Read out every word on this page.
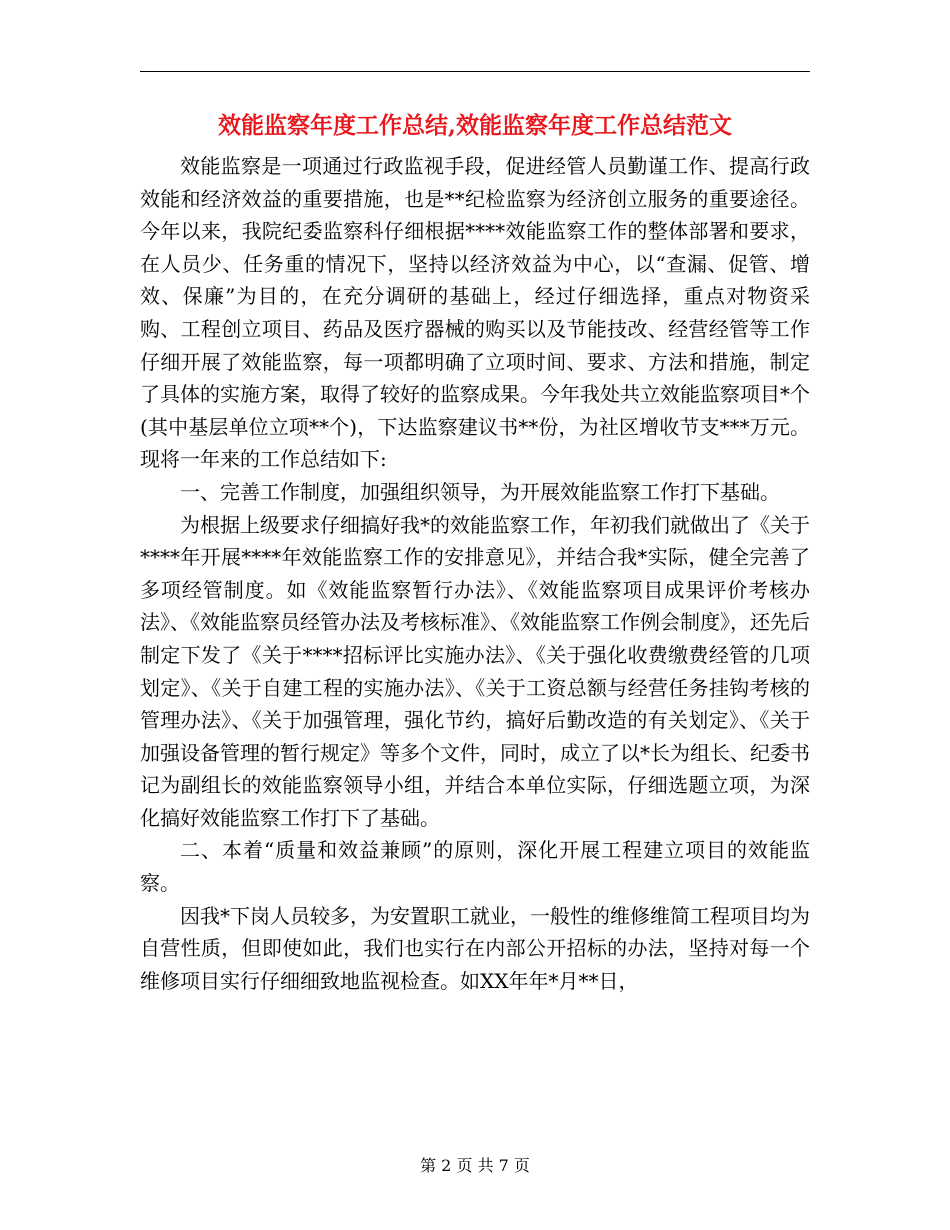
效能监察年度工作总结,效能监察年度工作总结范文

效能监察是一项通过行政监视手段，促进经管人员勤谨工作、提高行政效能和经济效益的重要措施，也是**纪检监察为经济创立服务的重要途径。今年以来，我院纪委监察科仔细根据****效能监察工作的整体部署和要求，在人员少、任务重的情况下，坚持以经济效益为中心，以“查漏、促管、增效、保廉”为目的，在充分调研的基础上，经过仔细选择，重点对物资采购、工程创立项目、药品及医疗器械的购买以及节能技改、经营经管等工作仔细开展了效能监察，每一项都明确了立项时间、要求、方法和措施，制定了具体的实施方案，取得了较好的监察成果。今年我处共立效能监察项目*个(其中基层单位立项**个)，下达监察建议书**份，为社区增收节支***万元。现将一年来的工作总结如下:

一、完善工作制度，加强组织领导，为开展效能监察工作打下基础。

为根据上级要求仔细搞好我*的效能监察工作，年初我们就做出了《关于****年开展****年效能监察工作的安排意见》，并结合我*实际，健全完善了多项经管制度。如《效能监察暂行办法》、《效能监察项目成果评价考核办法》、《效能监察员经管办法及考核标准》、《效能监察工作例会制度》，还先后制定下发了《关于****招标评比实施办法》、《关于强化收费缴费经管的几项划定》、《关于自建工程的实施办法》、《关于工资总额与经营任务挂钩考核的管理办法》、《关于加强管理，强化节约，搞好后勤改造的有关划定》、《关于加强设备管理的暂行规定》等多个文件，同时，成立了以*长为组长、纪委书记为副组长的效能监察领导小组，并结合本单位实际，仔细选题立项，为深化搞好效能监察工作打下了基础。

二、本着“质量和效益兼顾”的原则，深化开展工程建立项目的效能监察。

因我*下岗人员较多，为安置职工就业，一般性的维修维简工程项目均为自营性质，但即使如此，我们也实行在内部公开招标的办法，坚持对每一个维修项目实行仔细细致地监视检查。如XX年年*月**日，

第 2 页 共 7 页
